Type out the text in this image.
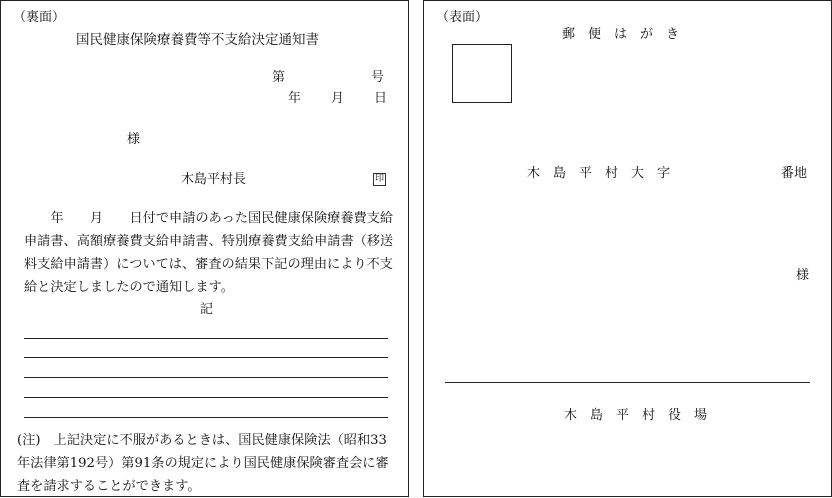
（裏面）
国民健康保険療養費等不支給決定通知書
第	号
年 月 日
様
木島平村長	印
　　年　　月　　日付で申請のあった国民健康保険療養費支給申請書、高額療養費支給申請書、特別療養費支給申請書（移送料支給申請書）については、審査の結果下記の理由により不支給と決定しましたので通知します。
記
(注)　上記決定に不服があるときは、国民健康保険法（昭和33年法律第192号）第91条の規定により国民健康保険審査会に審査を請求することができます。
（表面）
郵　便　は　が　き
木　島　平　村　大　字	番地
様
木　島　平　村　役　場
